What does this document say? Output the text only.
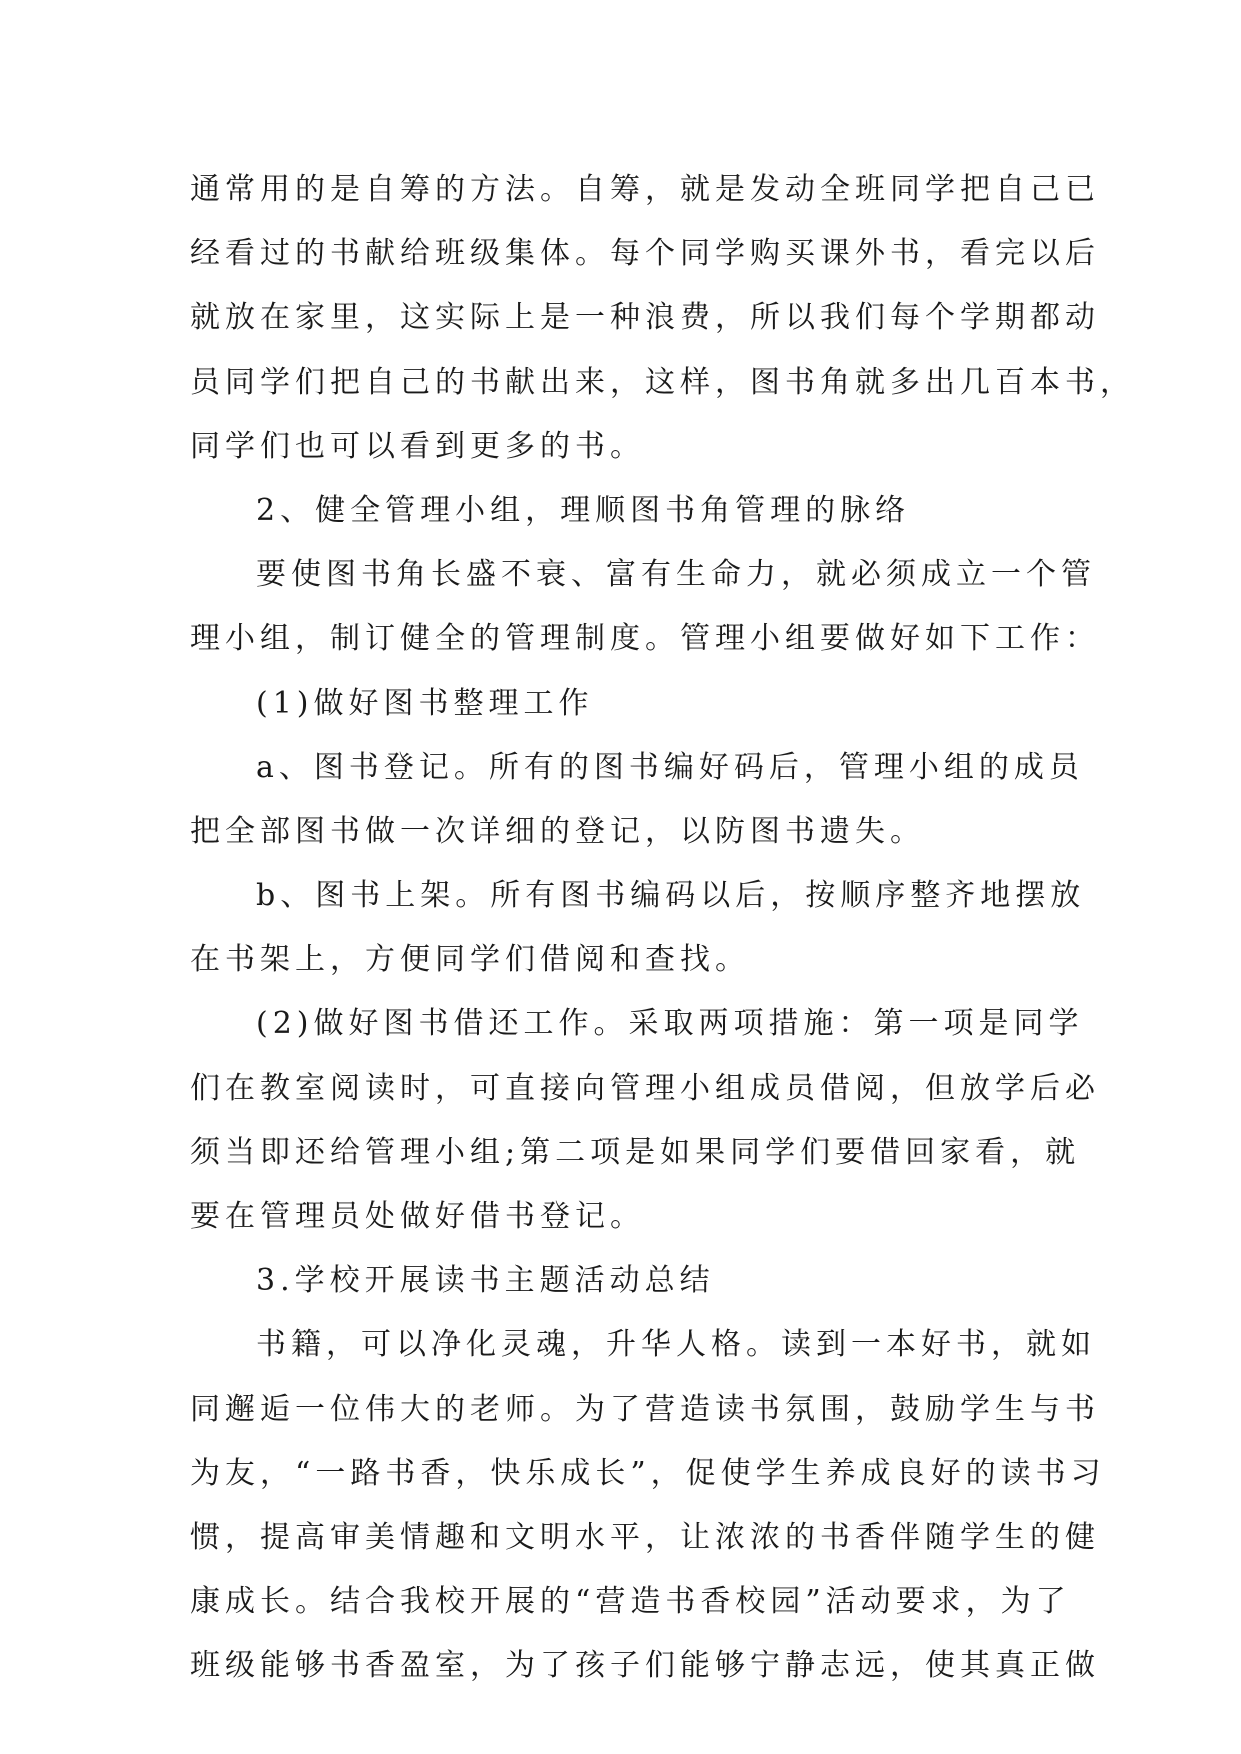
通常用的是自筹的方法。自筹，就是发动全班同学把自己已
经看过的书献给班级集体。每个同学购买课外书，看完以后
就放在家里，这实际上是一种浪费，所以我们每个学期都动
员同学们把自己的书献出来，这样，图书角就多出几百本书，
同学们也可以看到更多的书。
2、健全管理小组，理顺图书角管理的脉络
要使图书角长盛不衰、富有生命力，就必须成立一个管
理小组，制订健全的管理制度。管理小组要做好如下工作：
(1)做好图书整理工作
a、图书登记。所有的图书编好码后，管理小组的成员
把全部图书做一次详细的登记，以防图书遗失。
b、图书上架。所有图书编码以后，按顺序整齐地摆放
在书架上，方便同学们借阅和查找。
(2)做好图书借还工作。采取两项措施：第一项是同学
们在教室阅读时，可直接向管理小组成员借阅，但放学后必
须当即还给管理小组;第二项是如果同学们要借回家看，就
要在管理员处做好借书登记。
3.学校开展读书主题活动总结
书籍，可以净化灵魂，升华人格。读到一本好书，就如
同邂逅一位伟大的老师。为了营造读书氛围，鼓励学生与书
为友，“一路书香，快乐成长”，促使学生养成良好的读书习
惯，提高审美情趣和文明水平，让浓浓的书香伴随学生的健
康成长。结合我校开展的“营造书香校园”活动要求，为了
班级能够书香盈室，为了孩子们能够宁静志远，使其真正做
